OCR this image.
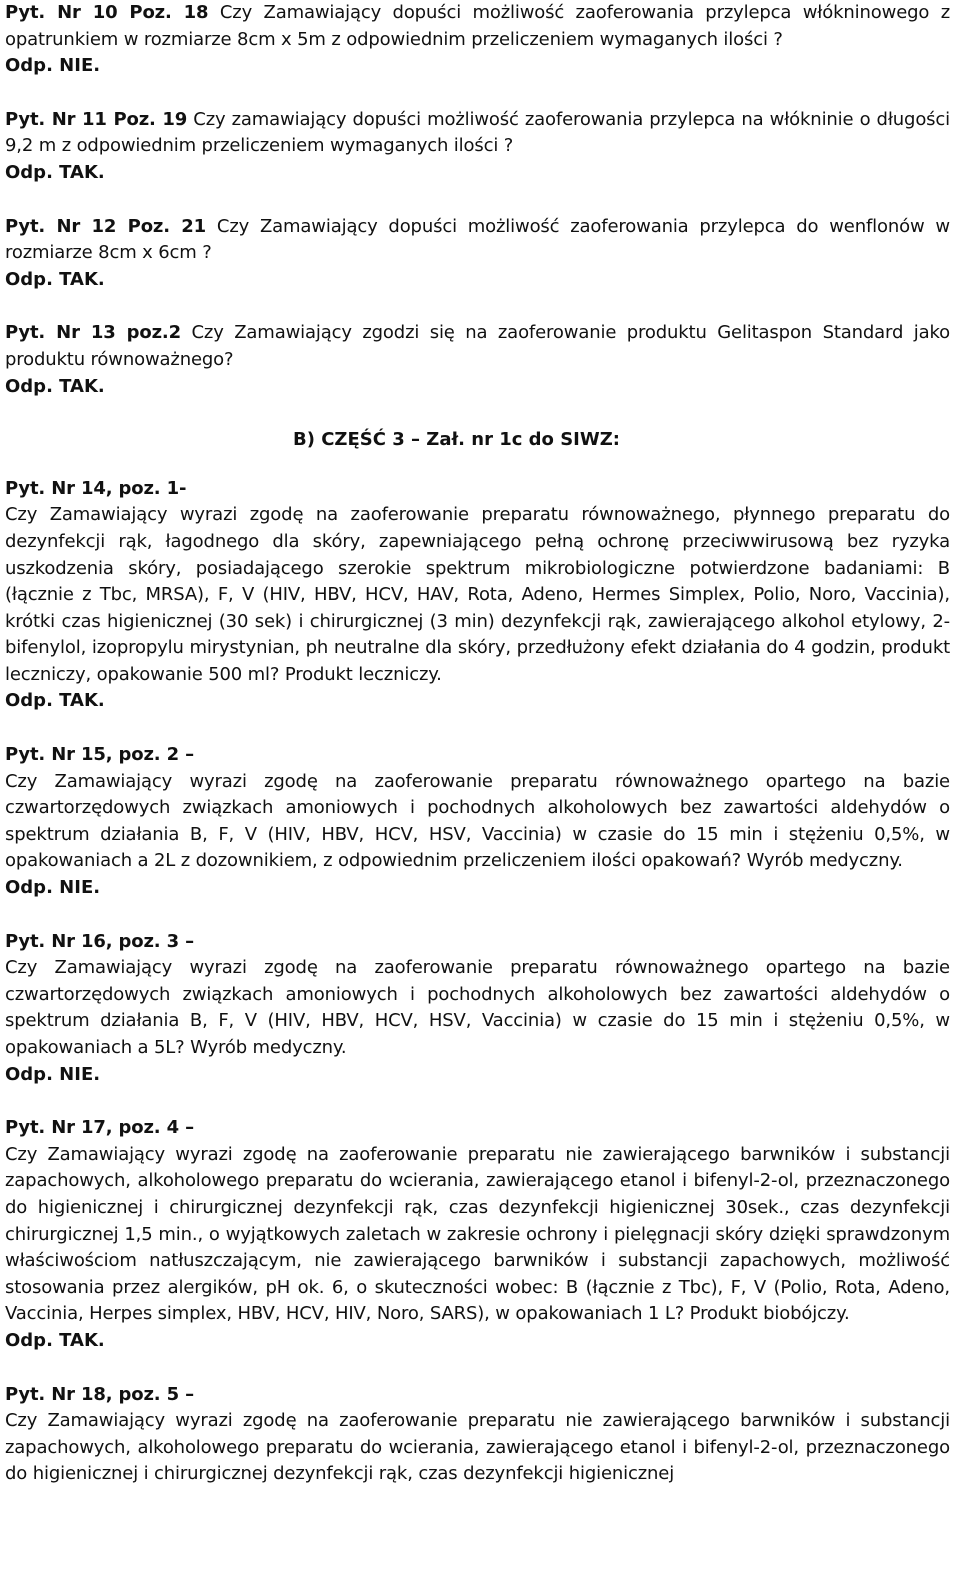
Pyt. Nr 10 Poz. 18 Czy Zamawiający dopuści możliwość zaoferowania przylepca włókninowego z opatrunkiem w rozmiarze 8cm x 5m z odpowiednim przeliczeniem wymaganych ilości ?

Odp. NIE.

Pyt. Nr 11 Poz. 19 Czy zamawiający dopuści możliwość zaoferowania przylepca na włókninie o długości 9,2 m z odpowiednim przeliczeniem wymaganych ilości ?

Odp. TAK.

Pyt. Nr 12 Poz. 21 Czy Zamawiający dopuści możliwość zaoferowania przylepca do wenflonów w rozmiarze 8cm x 6cm ?

Odp. TAK.

Pyt. Nr 13 poz.2 Czy Zamawiający zgodzi się na zaoferowanie produktu Gelitaspon Standard jako produktu równoważnego?

Odp. TAK.

B) CZĘŚĆ 3 – Zał. nr 1c do SIWZ:

Pyt. Nr 14, poz. 1-

Czy Zamawiający wyrazi zgodę na zaoferowanie preparatu równoważnego, płynnego preparatu do dezynfekcji rąk, łagodnego dla skóry, zapewniającego pełną ochronę przeciwwirusową bez ryzyka uszkodzenia skóry, posiadającego szerokie spektrum mikrobiologiczne potwierdzone badaniami: B (łącznie z Tbc, MRSA), F, V (HIV, HBV, HCV, HAV, Rota, Adeno, Hermes Simplex, Polio, Noro, Vaccinia), krótki czas higienicznej (30 sek) i chirurgicznej (3 min) dezynfekcji rąk, zawierającego alkohol etylowy, 2-bifenylol, izopropylu mirystynian, ph neutralne dla skóry, przedłużony efekt działania do 4 godzin, produkt leczniczy, opakowanie 500 ml? Produkt leczniczy.

Odp. TAK.

Pyt. Nr 15, poz. 2 –

Czy Zamawiający wyrazi zgodę na zaoferowanie preparatu równoważnego opartego na bazie czwartorzędowych związkach amoniowych i pochodnych alkoholowych bez zawartości aldehydów o spektrum działania B, F, V (HIV, HBV, HCV, HSV, Vaccinia) w czasie do 15 min i stężeniu 0,5%, w opakowaniach a 2L z dozownikiem, z odpowiednim przeliczeniem ilości opakowań? Wyrób medyczny.

Odp. NIE.

Pyt. Nr 16, poz. 3 –

Czy Zamawiający wyrazi zgodę na zaoferowanie preparatu równoważnego opartego na bazie czwartorzędowych związkach amoniowych i pochodnych alkoholowych bez zawartości aldehydów o spektrum działania B, F, V (HIV, HBV, HCV, HSV, Vaccinia) w czasie do 15 min i stężeniu 0,5%, w opakowaniach a 5L? Wyrób medyczny.

Odp. NIE.

Pyt. Nr 17, poz. 4 –

Czy Zamawiający wyrazi zgodę na zaoferowanie preparatu nie zawierającego barwników i substancji zapachowych, alkoholowego preparatu do wcierania, zawierającego etanol i bifenyl-2-ol, przeznaczonego do higienicznej i chirurgicznej dezynfekcji rąk, czas dezynfekcji higienicznej 30sek., czas dezynfekcji chirurgicznej 1,5 min., o wyjątkowych zaletach w zakresie ochrony i pielęgnacji skóry dzięki sprawdzonym właściwościom natłuszczającym, nie zawierającego barwników i substancji zapachowych, możliwość stosowania przez alergików, pH ok. 6, o skuteczności wobec: B (łącznie z Tbc), F, V (Polio, Rota, Adeno, Vaccinia, Herpes simplex, HBV, HCV, HIV, Noro, SARS), w opakowaniach 1 L? Produkt biobójczy.

Odp. TAK.

Pyt. Nr 18, poz. 5 –

Czy Zamawiający wyrazi zgodę na zaoferowanie preparatu nie zawierającego barwników i substancji zapachowych, alkoholowego preparatu do wcierania, zawierającego etanol i bifenyl-2-ol, przeznaczonego do higienicznej i chirurgicznej dezynfekcji rąk, czas dezynfekcji higienicznej
